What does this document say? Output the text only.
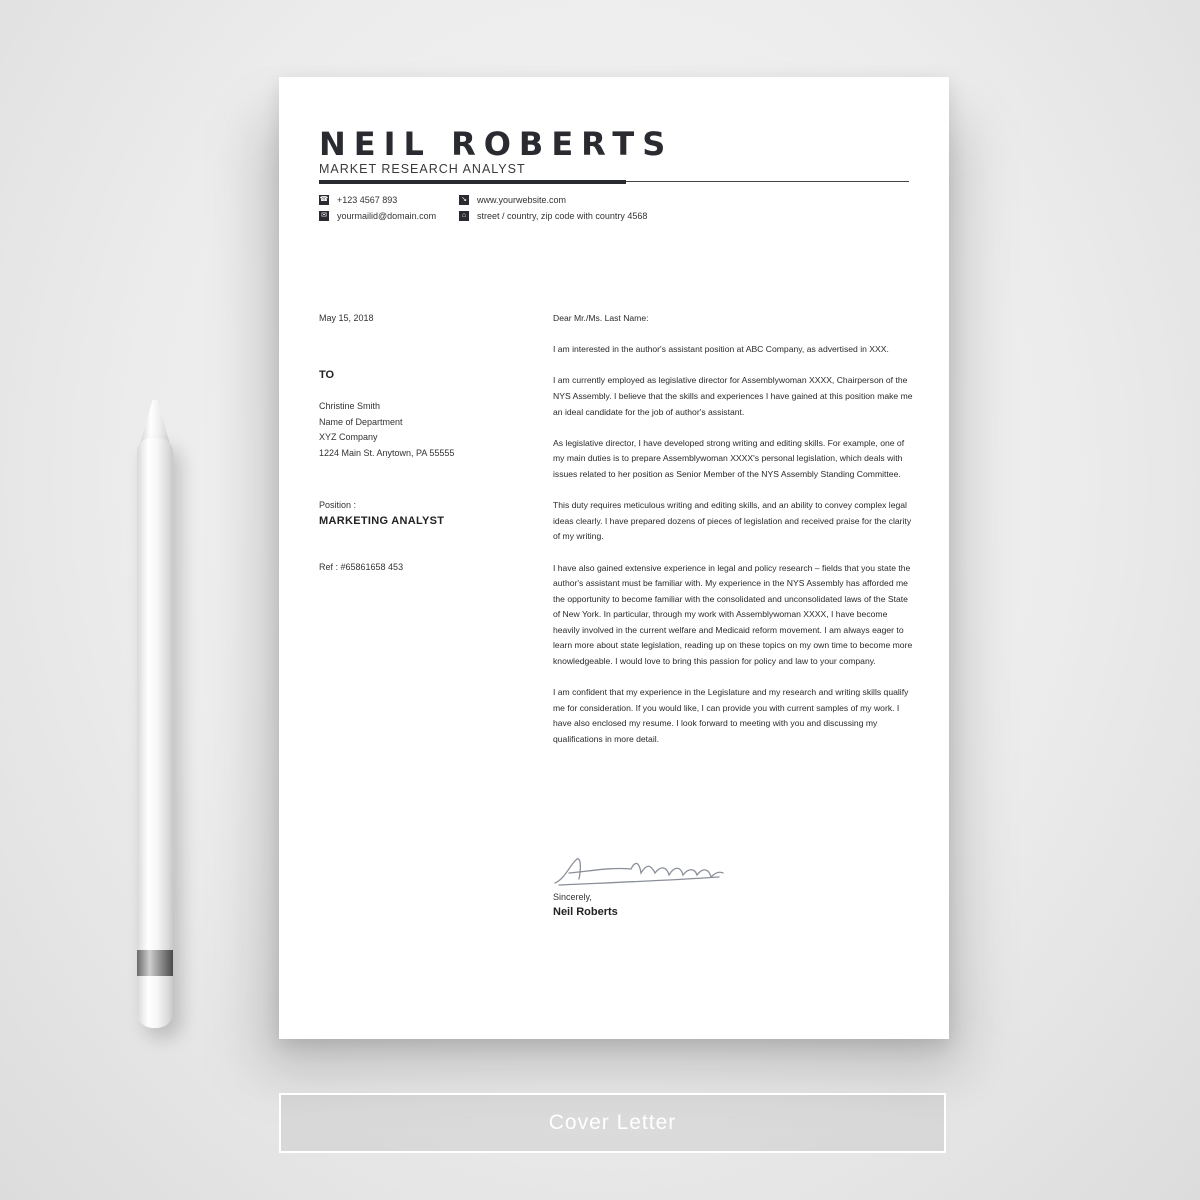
NEIL ROBERTS
MARKET RESEARCH ANALYST
☎ +123 4567 893
✉ yourmailid@domain.com
↘ www.yourwebsite.com
⌂	street / country, zip code with country 4568
May 15, 2018
TO
Christine Smith
Name of Department
XYZ Company
1224 Main St. Anytown, PA 55555
Position :
MARKETING ANALYST
Ref : #65861658 453

Dear Mr./Ms. Last Name:

I am interested in the author's assistant position at ABC Company, as advertised in XXX.

I am currently employed as legislative director for Assemblywoman XXXX, Chairperson of the NYS Assembly. I believe that the skills and experiences I have gained at this position make me an ideal candidate for the job of author's assistant.

As legislative director, I have developed strong writing and editing skills. For example, one of my main duties is to prepare Assemblywoman XXXX's personal legislation, which deals with issues related to her position as Senior Member of the NYS Assembly Standing Committee.

This duty requires meticulous writing and editing skills, and an ability to convey complex legal ideas clearly. I have prepared dozens of pieces of legislation and received praise for the clarity of my writing.

I have also gained extensive experience in legal and policy research – fields that you state the author's assistant must be familiar with. My experience in the NYS Assembly has afforded me the opportunity to become familiar with the consolidated and unconsolidated laws of the State of New York. In particular, through my work with Assemblywoman XXXX, I have become heavily involved in the current welfare and Medicaid reform movement. I am always eager to learn more about state legislation, reading up on these topics on my own time to become more knowledgeable. I would love to bring this passion for policy and law to your company.

I am confident that my experience in the Legislature and my research and writing skills qualify me for consideration. If you would like, I can provide you with current samples of my work. I have also enclosed my resume. I look forward to meeting with you and discussing my qualifications in more detail.

Sincerely,
Neil Roberts
Cover Letter
